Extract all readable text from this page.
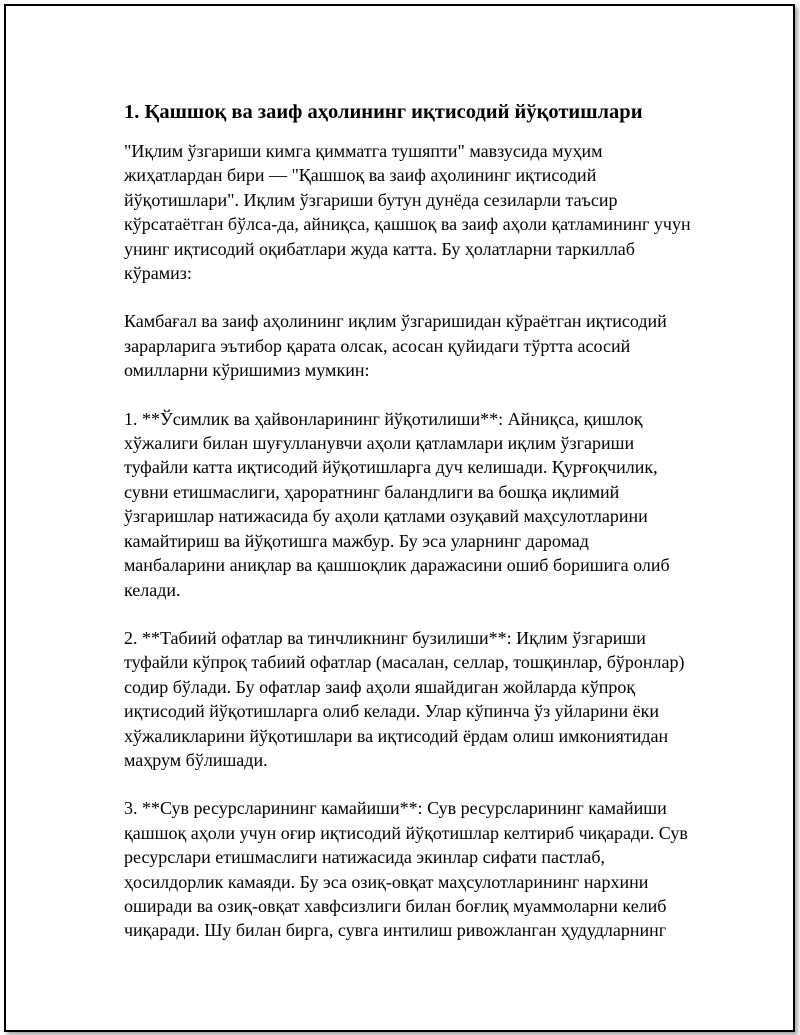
1. Қашшоқ ва заиф аҳолининг иқтисодий йўқотишлари

"Иқлим ўзгариши кимга қимматга тушяпти" мавзусида муҳим жиҳатлардан бири — "Қашшоқ ва заиф аҳолининг иқтисодий йўқотишлари". Иқлим ўзгариши бутун дунёда сезиларли таъсир кўрсатаётган бўлса-да, айниқса, қашшоқ ва заиф аҳоли қатламининг учун унинг иқтисодий оқибатлари жуда катта. Бу ҳолатларни таркиллаб кўрамиз:

Камбағал ва заиф аҳолининг иқлим ўзгаришидан кўраётган иқтисодий зарарларига эътибор қарата олсак, асосан қуйидаги тўртта асосий омилларни кўришимиз мумкин:

1. **Ўсимлик ва ҳайвонларининг йўқотилиши**: Айниқса, қишлоқ хўжалиги билан шуғулланувчи аҳоли қатламлари иқлим ўзгариши туфайли катта иқтисодий йўқотишларга дуч келишади. Қурғоқчилик, сувни етишмаслиги, ҳароратнинг баландлиги ва бошқа иқлимий ўзгаришлар натижасида бу аҳоли қатлами озуқавий маҳсулотларини камайтириш ва йўқотишга мажбур. Бу эса уларнинг даромад манбаларини аниқлар ва қашшоқлик даражасини ошиб боришига олиб келади.

2. **Табиий офатлар ва тинчликнинг бузилиши**: Иқлим ўзгариши туфайли кўпроқ табиий офатлар (масалан, селлар, тошқинлар, бўронлар) содир бўлади. Бу офатлар заиф аҳоли яшайдиган жойларда кўпроқ иқтисодий йўқотишларга олиб келади. Улар кўпинча ўз уйларини ёки хўжаликларини йўқотишлари ва иқтисодий ёрдам олиш имкониятидан маҳрум бўлишади.

3. **Сув ресурсларининг камайиши**: Сув ресурсларининг камайиши қашшоқ аҳоли учун оғир иқтисодий йўқотишлар келтириб чиқаради. Сув ресурслари етишмаслиги натижасида экинлар сифати пастлаб, ҳосилдорлик камаяди. Бу эса озиқ-овқат маҳсулотларининг нархини оширади ва озиқ-овқат хавфсизлиги билан боғлиқ муаммоларни келиб чиқаради. Шу билан бирга, сувга интилиш ривожланган ҳудудларнинг
